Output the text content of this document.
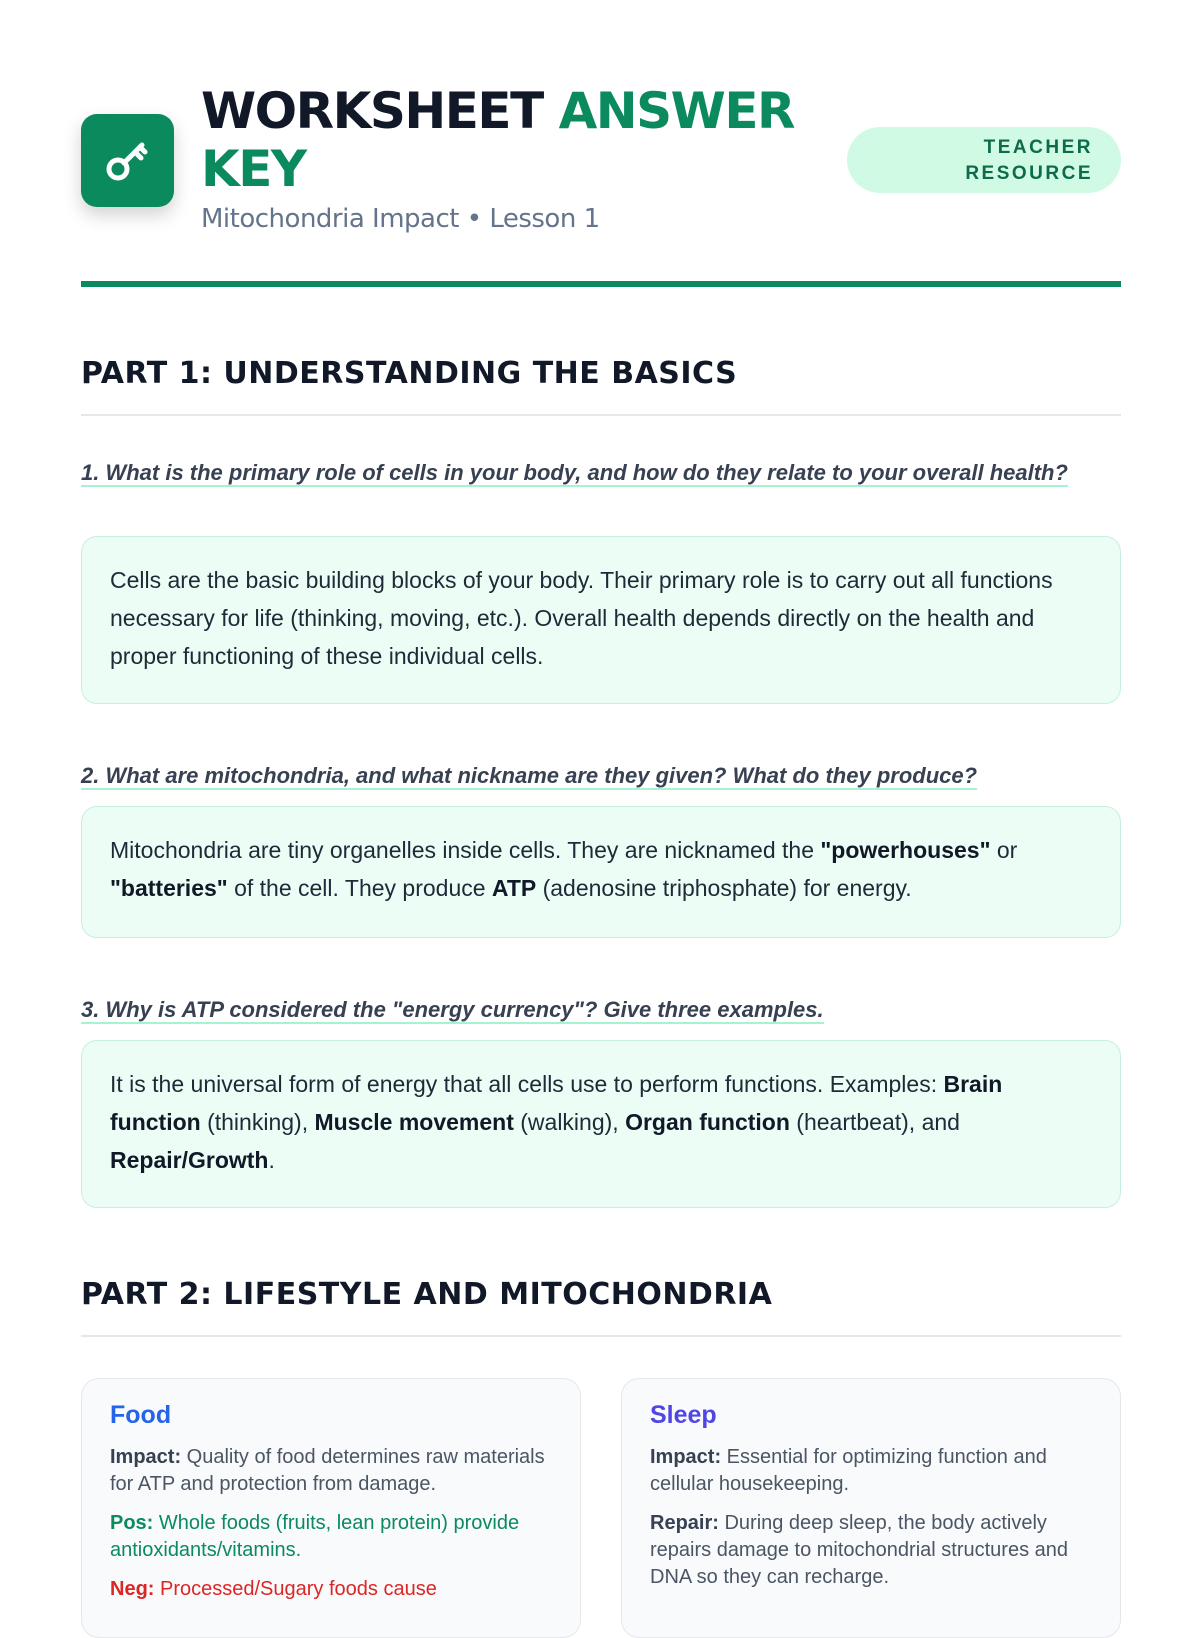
WORKSHEET ANSWER KEY
Mitochondria Impact • Lesson 1
TEACHER
RESOURCE
PART 1: UNDERSTANDING THE BASICS
1. What is the primary role of cells in your body, and how do they relate to your overall health?
Cells are the basic building blocks of your body. Their primary role is to carry out all functions necessary for life (thinking, moving, etc.). Overall health depends directly on the health and proper functioning of these individual cells.
2. What are mitochondria, and what nickname are they given? What do they produce?
Mitochondria are tiny organelles inside cells. They are nicknamed the "powerhouses" or "batteries" of the cell. They produce ATP (adenosine triphosphate) for energy.
3. Why is ATP considered the "energy currency"? Give three examples.
It is the universal form of energy that all cells use to perform functions. Examples: Brain function (thinking), Muscle movement (walking), Organ function (heartbeat), and Repair/Growth.
PART 2: LIFESTYLE AND MITOCHONDRIA
Food

Impact: Quality of food determines raw materials for ATP and protection from damage.

Pos: Whole foods (fruits, lean protein) provide antioxidants/vitamins.

Neg: Processed/Sugary foods cause

Sleep

Impact: Essential for optimizing function and cellular housekeeping.

Repair: During deep sleep, the body actively repairs damage to mitochondrial structures and DNA so they can recharge.
